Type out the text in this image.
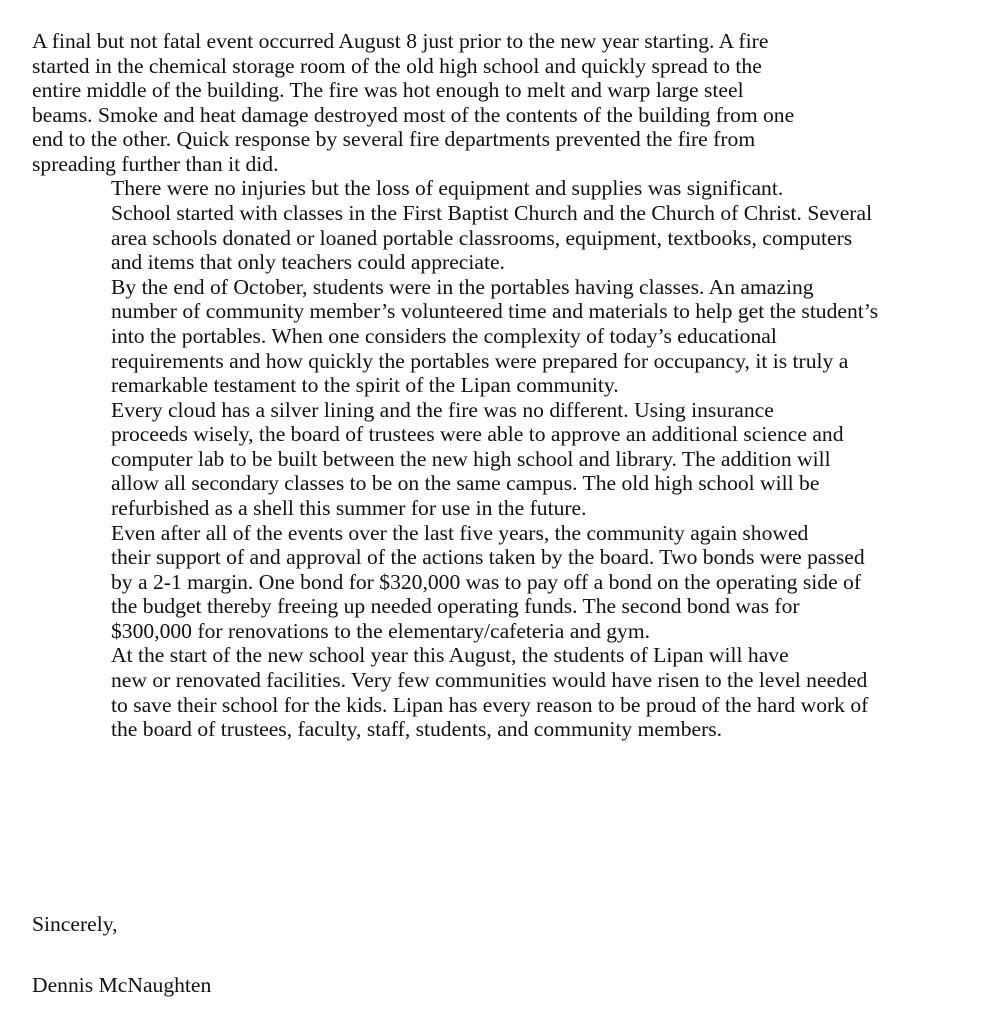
A final but not fatal event occurred August 8 just prior to the new year starting. A fire
started in the chemical storage room of the old high school and quickly spread to the
entire middle of the building. The fire was hot enough to melt and warp large steel
beams. Smoke and heat damage destroyed most of the contents of the building from one
end to the other. Quick response by several fire departments prevented the fire from
spreading further than it did.
There were no injuries but the loss of equipment and supplies was significant.
School started with classes in the First Baptist Church and the Church of Christ. Several
area schools donated or loaned portable classrooms, equipment, textbooks, computers
and items that only teachers could appreciate.
By the end of October, students were in the portables having classes. An amazing
number of community member’s volunteered time and materials to help get the student’s
into the portables. When one considers the complexity of today’s educational
requirements and how quickly the portables were prepared for occupancy, it is truly a
remarkable testament to the spirit of the Lipan community.
Every cloud has a silver lining and the fire was no different. Using insurance
proceeds wisely, the board of trustees were able to approve an additional science and
computer lab to be built between the new high school and library. The addition will
allow all secondary classes to be on the same campus. The old high school will be
refurbished as a shell this summer for use in the future.
Even after all of the events over the last five years, the community again showed
their support of and approval of the actions taken by the board. Two bonds were passed
by a 2-1 margin. One bond for $320,000 was to pay off a bond on the operating side of
the budget thereby freeing up needed operating funds. The second bond was for
$300,000 for renovations to the elementary/cafeteria and gym.
At the start of the new school year this August, the students of Lipan will have
new or renovated facilities. Very few communities would have risen to the level needed
to save their school for the kids. Lipan has every reason to be proud of the hard work of
the board of trustees, faculty, staff, students, and community members.
Sincerely,
Dennis McNaughten
